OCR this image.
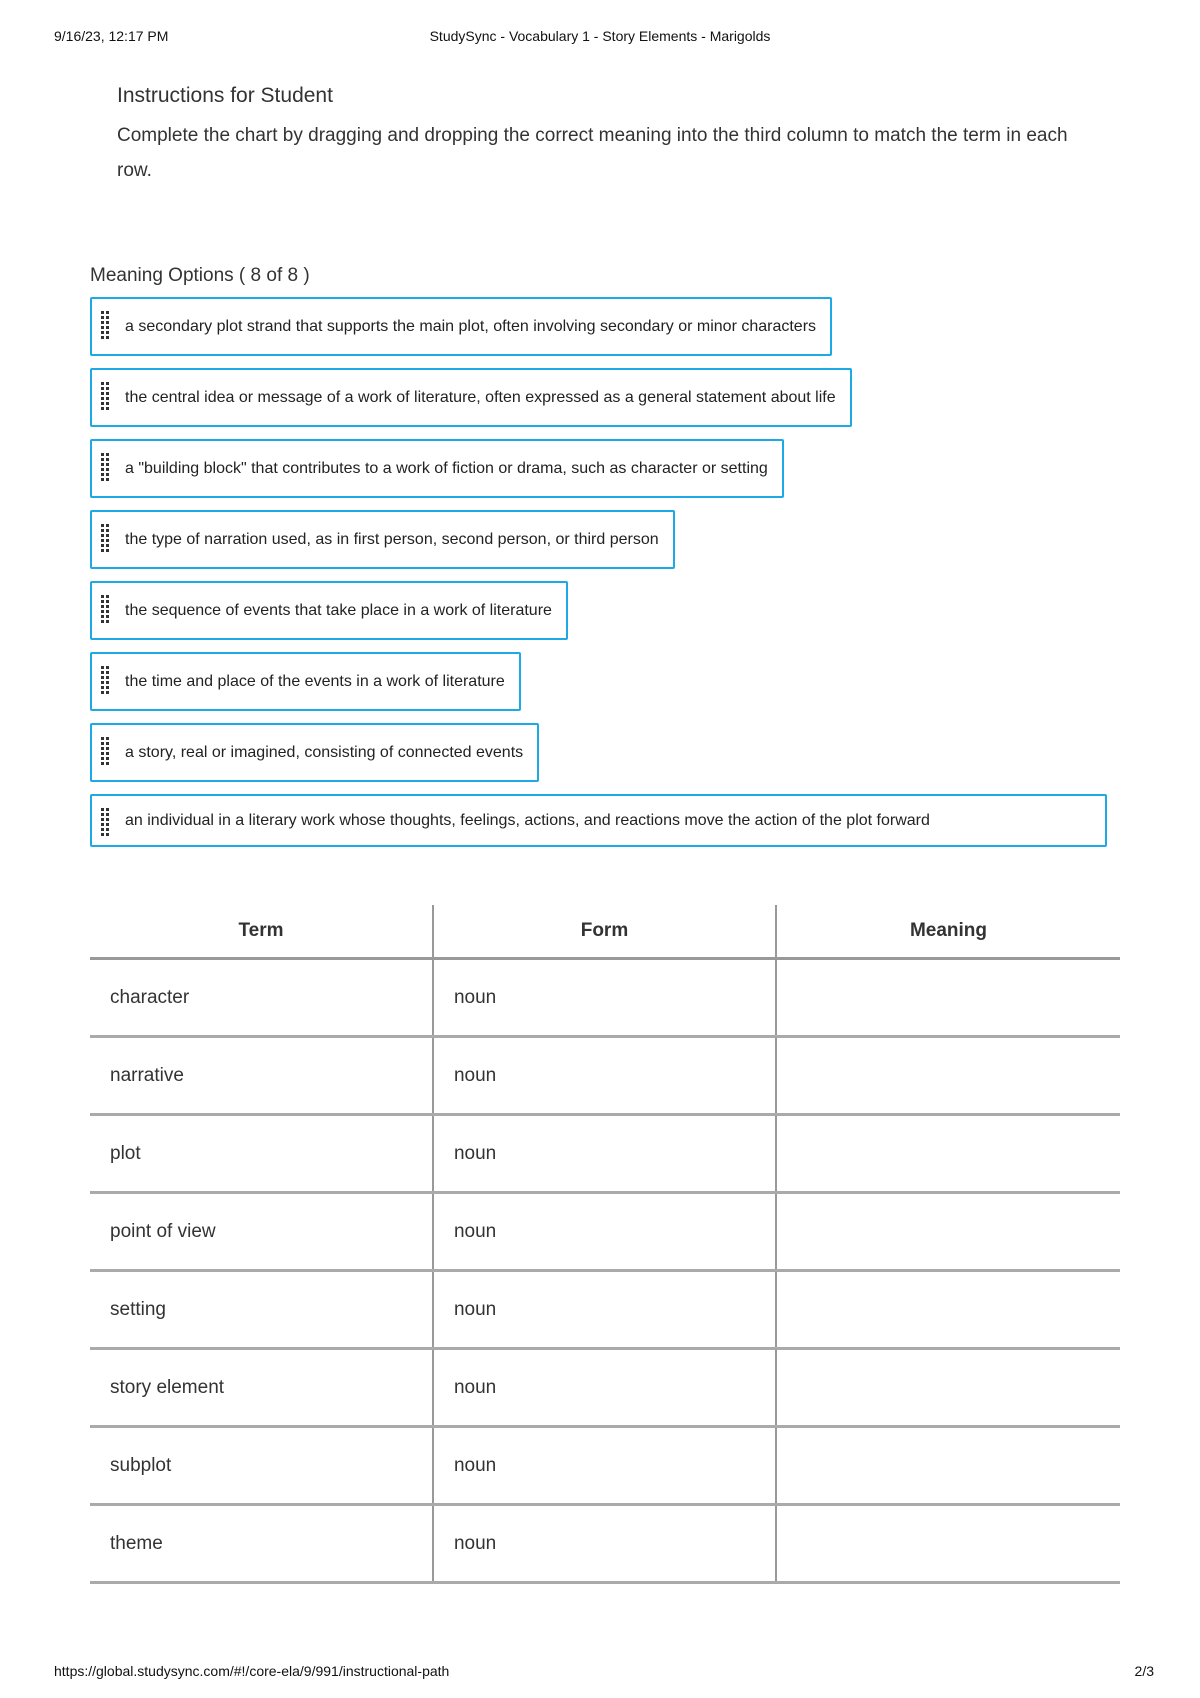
9/16/23, 12:17 PM	StudySync - Vocabulary 1 - Story Elements - Marigolds
Instructions for Student

Complete the chart by dragging and dropping the correct meaning into the third column to match the term in each row.

Meaning Options ( 8 of 8 )
a secondary plot strand that supports the main plot, often involving secondary or minor characters
the central idea or message of a work of literature, often expressed as a general statement about life
a "building block" that contributes to a work of fiction or drama, such as character or setting
the type of narration used, as in first person, second person, or third person
the sequence of events that take place in a work of literature
the time and place of the events in a work of literature
a story, real or imagined, consisting of connected events
an individual in a literary work whose thoughts, feelings, actions, and reactions move the action of the plot forward
Term	Form	Meaning
character	noun	
narrative	noun	
plot	noun	
point of view	noun	
setting	noun	
story element	noun	
subplot	noun	
theme	noun	
https://global.studysync.com/#!/core-ela/9/991/instructional-path	2/3
